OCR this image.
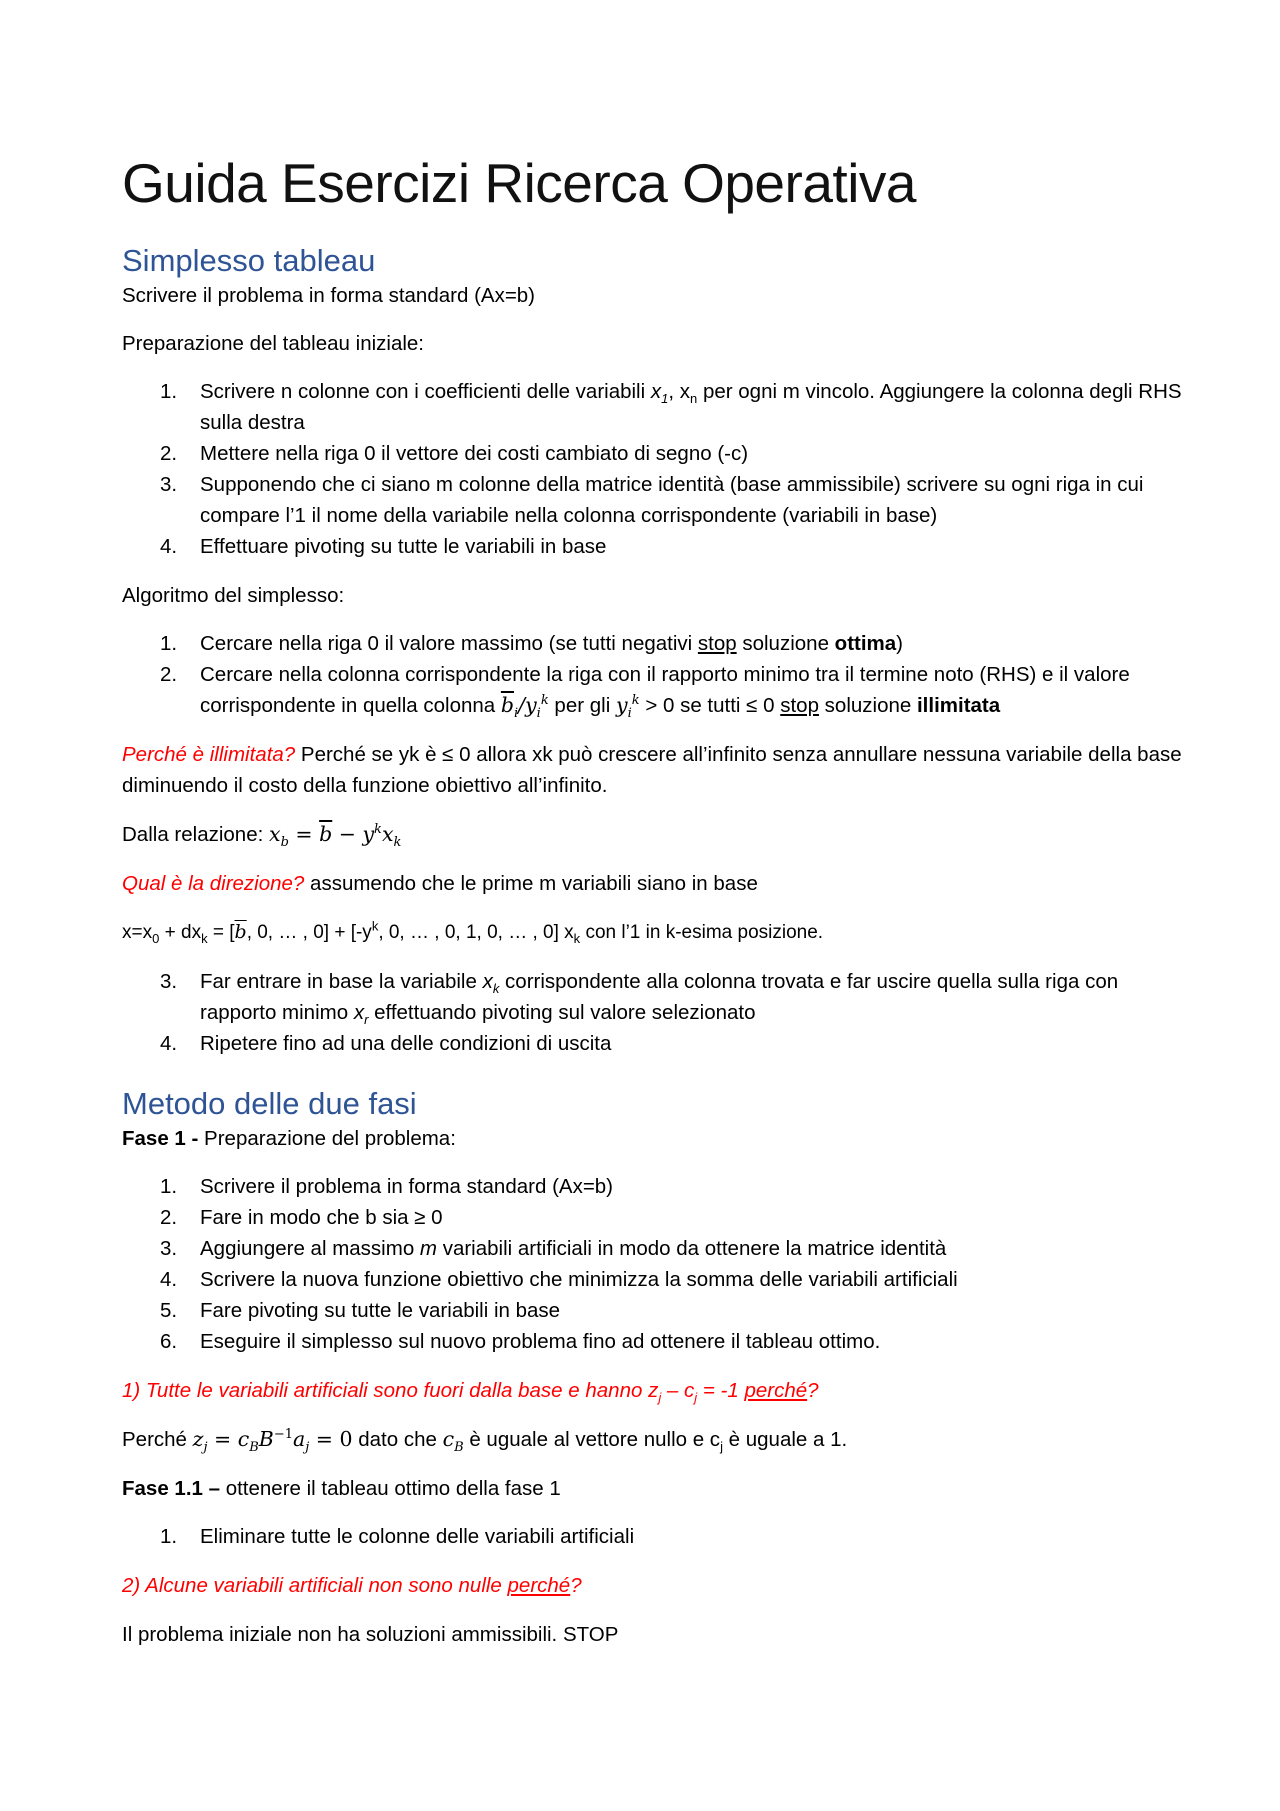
Guida Esercizi Ricerca Operativa
Simplesso tableau

Scrivere il problema in forma standard (Ax=b)

Preparazione del tableau iniziale:

1.	Scrivere n colonne con i coefficienti delle variabili $x_1$, $x_n$ per ogni m vincolo. Aggiungere la colonna degli RHS sulla destra
2.	Mettere nella riga 0 il vettore dei costi cambiato di segno (-c)
3.	Supponendo che ci siano m colonne della matrice identità (base ammissibile) scrivere su ogni riga in cui compare l’1 il nome della variabile nella colonna corrispondente (variabili in base)
4.	Effettuare pivoting su tutte le variabili in base

Algoritmo del simplesso:

1.	Cercare nella riga 0 il valore massimo (se tutti negativi stop soluzione ottima)
2.	Cercare nella colonna corrispondente la riga con il rapporto minimo tra il termine noto (RHS) e il valore corrispondente in quella colonna $\overline{b}_i/y_i^k$ per gli $y_i^k > 0$ se tutti ≤ 0 stop soluzione illimitata

Perché è illimitata? Perché se yk è ≤ 0 allora xk può crescere all’infinito senza annullare nessuna variabile della base diminuendo il costo della funzione obiettivo all’infinito.

Dalla relazione: $x_b = \overline{b} - y^kx_k$

Qual è la direzione? assumendo che le prime m variabili siano in base

$x=x_0 + dx_k = [\overline{b}$, 0, … , $0] + [-y^k$, 0, … , 0, 1, 0, … , 0] $x_k$ con l’1 in k-esima posizione.

3.	Far entrare in base la variabile $x_k$ corrispondente alla colonna trovata e far uscire quella sulla riga con rapporto minimo $x_r$ effettuando pivoting sul valore selezionato
4.	Ripetere fino ad una delle condizioni di uscita
Metodo delle due fasi

Fase 1 - Preparazione del problema:

1.	Scrivere il problema in forma standard (Ax=b)
2.	Fare in modo che b sia ≥ 0
3.	Aggiungere al massimo m variabili artificiali in modo da ottenere la matrice identità
4.	Scrivere la nuova funzione obiettivo che minimizza la somma delle variabili artificiali
5.	Fare pivoting su tutte le variabili in base
6.	Eseguire il simplesso sul nuovo problema fino ad ottenere il tableau ottimo.

1) Tutte le variabili artificiali sono fuori dalla base e hanno $z_j - c_j = -1$ perché?

Perché $z_j = c_BB^{-1}a_j = 0$ dato che $c_B$ è uguale al vettore nullo e $c_j$ è uguale a 1.

Fase 1.1 – ottenere il tableau ottimo della fase 1

1.	Eliminare tutte le colonne delle variabili artificiali

2) Alcune variabili artificiali non sono nulle perché?

Il problema iniziale non ha soluzioni ammissibili. STOP
